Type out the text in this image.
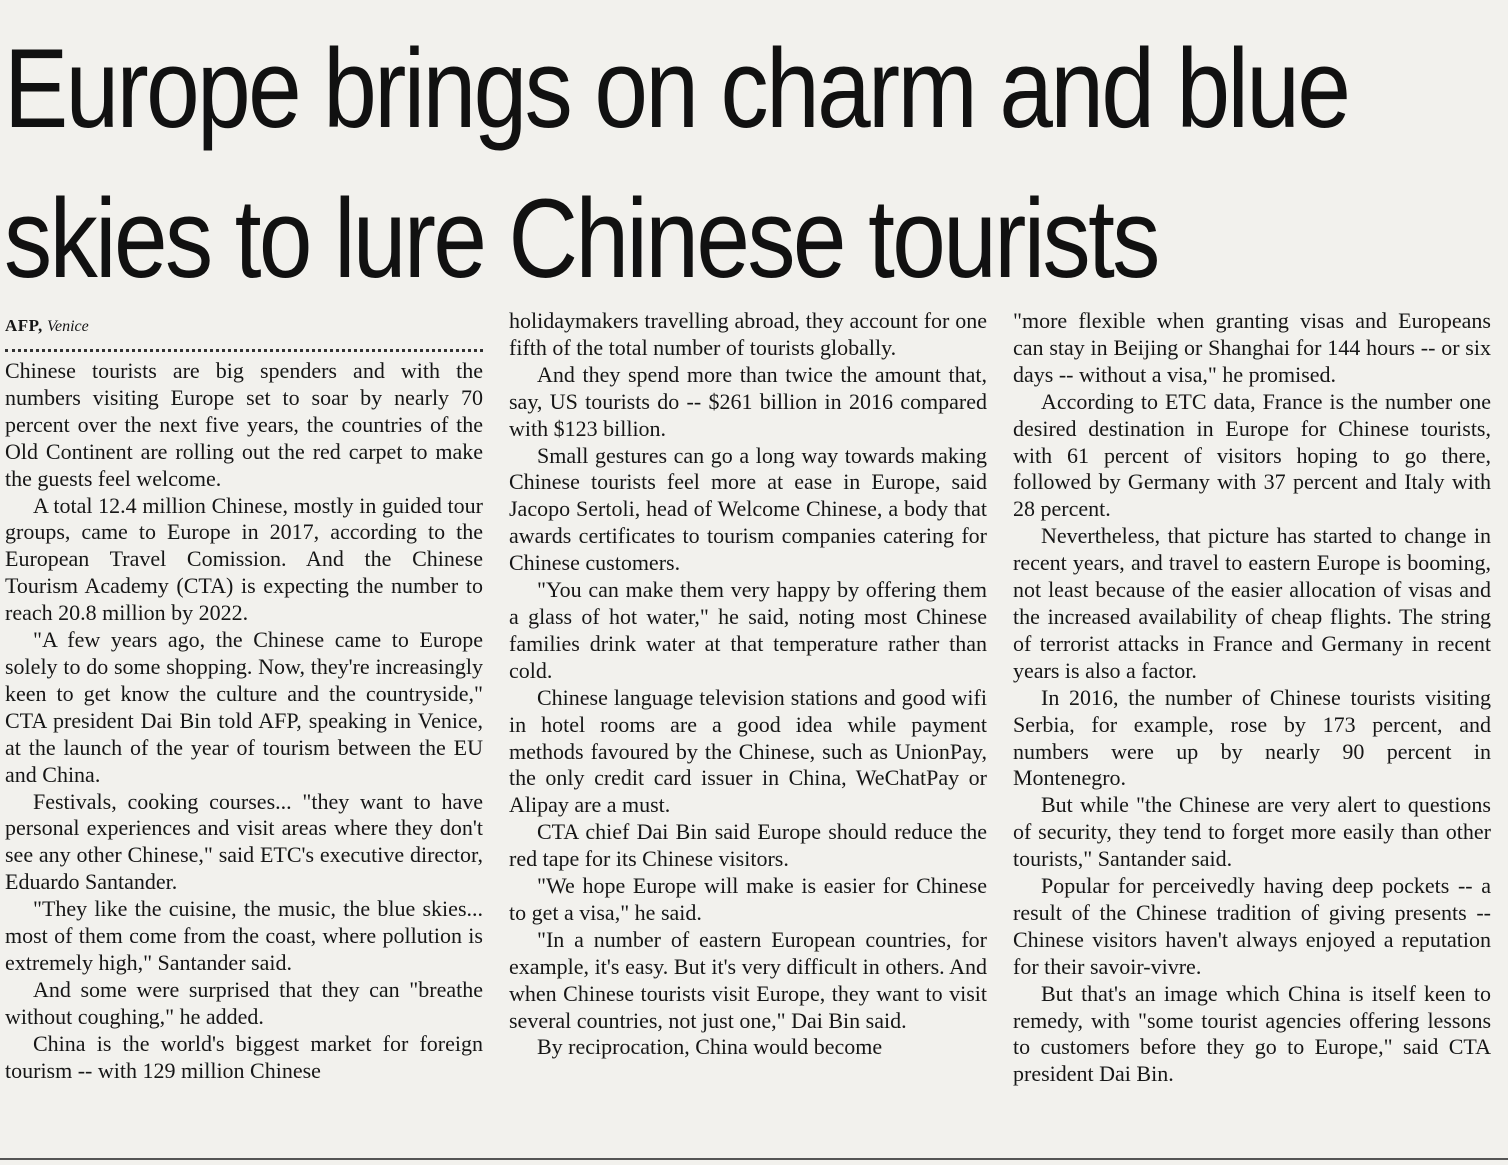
Europe brings on charm and blue
skies to lure Chinese tourists
AFP, Venice

Chinese tourists are big spenders and with the numbers visiting Europe set to soar by nearly 70 percent over the next five years, the countries of the Old Continent are rolling out the red carpet to make the guests feel welcome.

A total 12.4 million Chinese, mostly in guided tour groups, came to Europe in 2017, according to the European Travel Comission. And the Chinese Tourism Academy (CTA) is expecting the number to reach 20.8 million by 2022.

"A few years ago, the Chinese came to Europe solely to do some shopping. Now, they're increasingly keen to get know the culture and the countryside," CTA president Dai Bin told AFP, speaking in Venice, at the launch of the year of tourism between the EU and China.

Festivals, cooking courses... "they want to have personal experiences and visit areas where they don't see any other Chinese," said ETC's executive director, Eduardo Santander.

"They like the cuisine, the music, the blue skies... most of them come from the coast, where pollution is extremely high," Santander said.

And some were surprised that they can "breathe without coughing," he added.

China is the world's biggest market for foreign tourism -- with 129 million Chinese

holidaymakers travelling abroad, they account for one fifth of the total number of tourists globally.

And they spend more than twice the amount that, say, US tourists do -- $261 billion in 2016 compared with $123 billion.

Small gestures can go a long way towards making Chinese tourists feel more at ease in Europe, said Jacopo Sertoli, head of Welcome Chinese, a body that awards certificates to tourism companies catering for Chinese customers.

"You can make them very happy by offering them a glass of hot water," he said, noting most Chinese families drink water at that temperature rather than cold.

Chinese language television stations and good wifi in hotel rooms are a good idea while payment methods favoured by the Chinese, such as UnionPay, the only credit card issuer in China, WeChatPay or Alipay are a must.

CTA chief Dai Bin said Europe should reduce the red tape for its Chinese visitors.

"We hope Europe will make is easier for Chinese to get a visa," he said.

"In a number of eastern European countries, for example, it's easy. But it's very difficult in others. And when Chinese tourists visit Europe, they want to visit several countries, not just one," Dai Bin said.

By reciprocation, China would become

"more flexible when granting visas and Europeans can stay in Beijing or Shanghai for 144 hours -- or six days -- without a visa," he promised.

According to ETC data, France is the number one desired destination in Europe for Chinese tourists, with 61 percent of visitors hoping to go there, followed by Germany with 37 percent and Italy with 28 percent.

Nevertheless, that picture has started to change in recent years, and travel to eastern Europe is booming, not least because of the easier allocation of visas and the increased availability of cheap flights. The string of terrorist attacks in France and Germany in recent years is also a factor.

In 2016, the number of Chinese tourists visiting Serbia, for example, rose by 173 percent, and numbers were up by nearly 90 percent in Montenegro.

But while "the Chinese are very alert to questions of security, they tend to forget more easily than other tourists," Santander said.

Popular for perceivedly having deep pockets -- a result of the Chinese tradition of giving presents -- Chinese visitors haven't always enjoyed a reputation for their savoir-vivre.

But that's an image which China is itself keen to remedy, with "some tourist agencies offering lessons to customers before they go to Europe," said CTA president Dai Bin.
